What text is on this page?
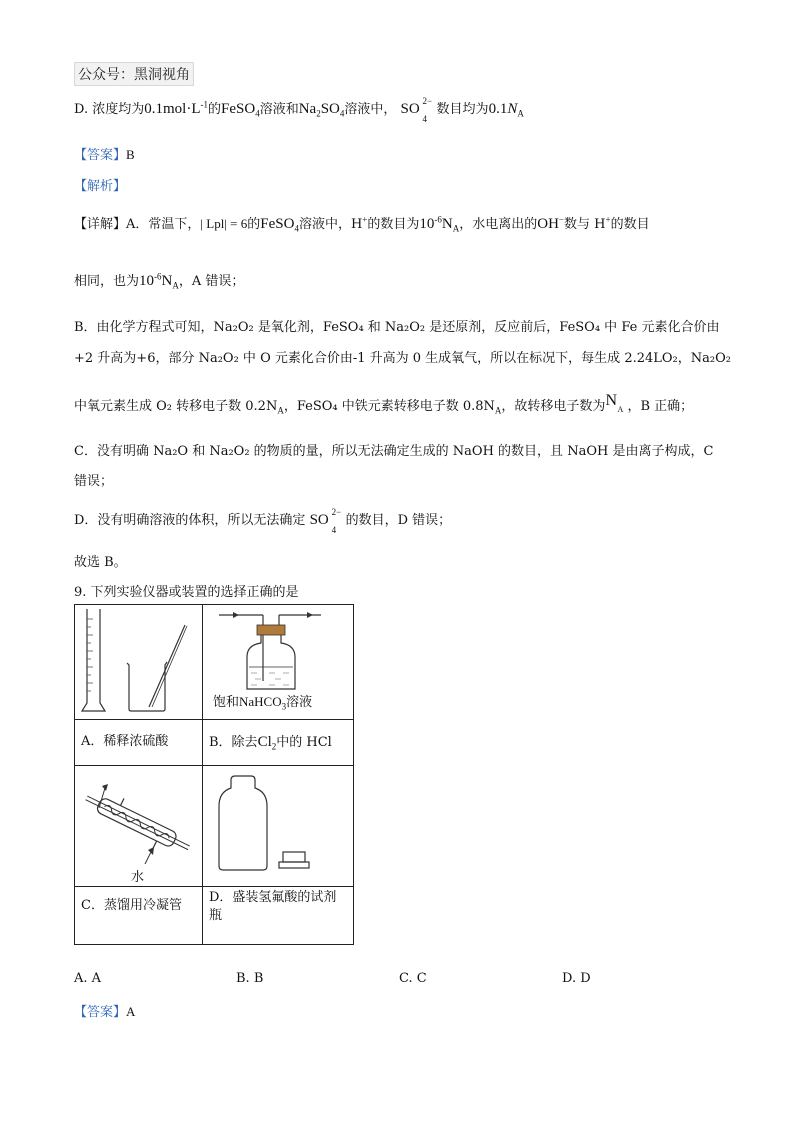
公众号：黑洞视角
D. 浓度均为$0.1mol\cdot L^{-1}$的FeSO$_4$溶液和$Na_2SO_4$溶液中， SO 2−
4
数目均为$0.1N_A$
【答案】B
【解析】
【详解】A．常温下，| Lpl| = 6的FeSO$_4$溶液中，H+的数目为$10^{-6}N_A$，水电离出的OH−数与 H+的数目
相同，也为$10^{-6}N_A$，A 错误；
B．由化学方程式可知，Na₂O₂ 是氧化剂，FeSO₄ 和 Na₂O₂ 是还原剂，反应前后，FeSO₄ 中 Fe 元素化合价由
+2 升高为+6，部分 Na₂O₂ 中 O 元素化合价由-1 升高为 0 生成氧气，所以在标况下，每生成 2.24LO₂，Na₂O₂
中氧元素生成 O₂ 转移电子数 $0.2N_A$，FeSO₄ 中铁元素转移电子数 $0.8N_A$，故转移电子数为N
A ，B 正确；
C．没有明确 Na₂O 和 Na₂O₂ 的物质的量，所以无法确定生成的 NaOH 的数目，且 NaOH 是由离子构成，C
错误；
D．没有明确溶液的体积，所以无法确定 SO 2−
4
的数目，D 错误；
故选 B。
9. 下列实验仪器或装置的选择正确的是

饱和NaHCO$_3$溶液

A．稀释浓硫酸	B．除去$Cl_2$中的 HCl

水

C．蒸馏用冷凝管	D．盛装氢氟酸的试剂
瓶
A. A	B. B	C. C	D. D
【答案】A
